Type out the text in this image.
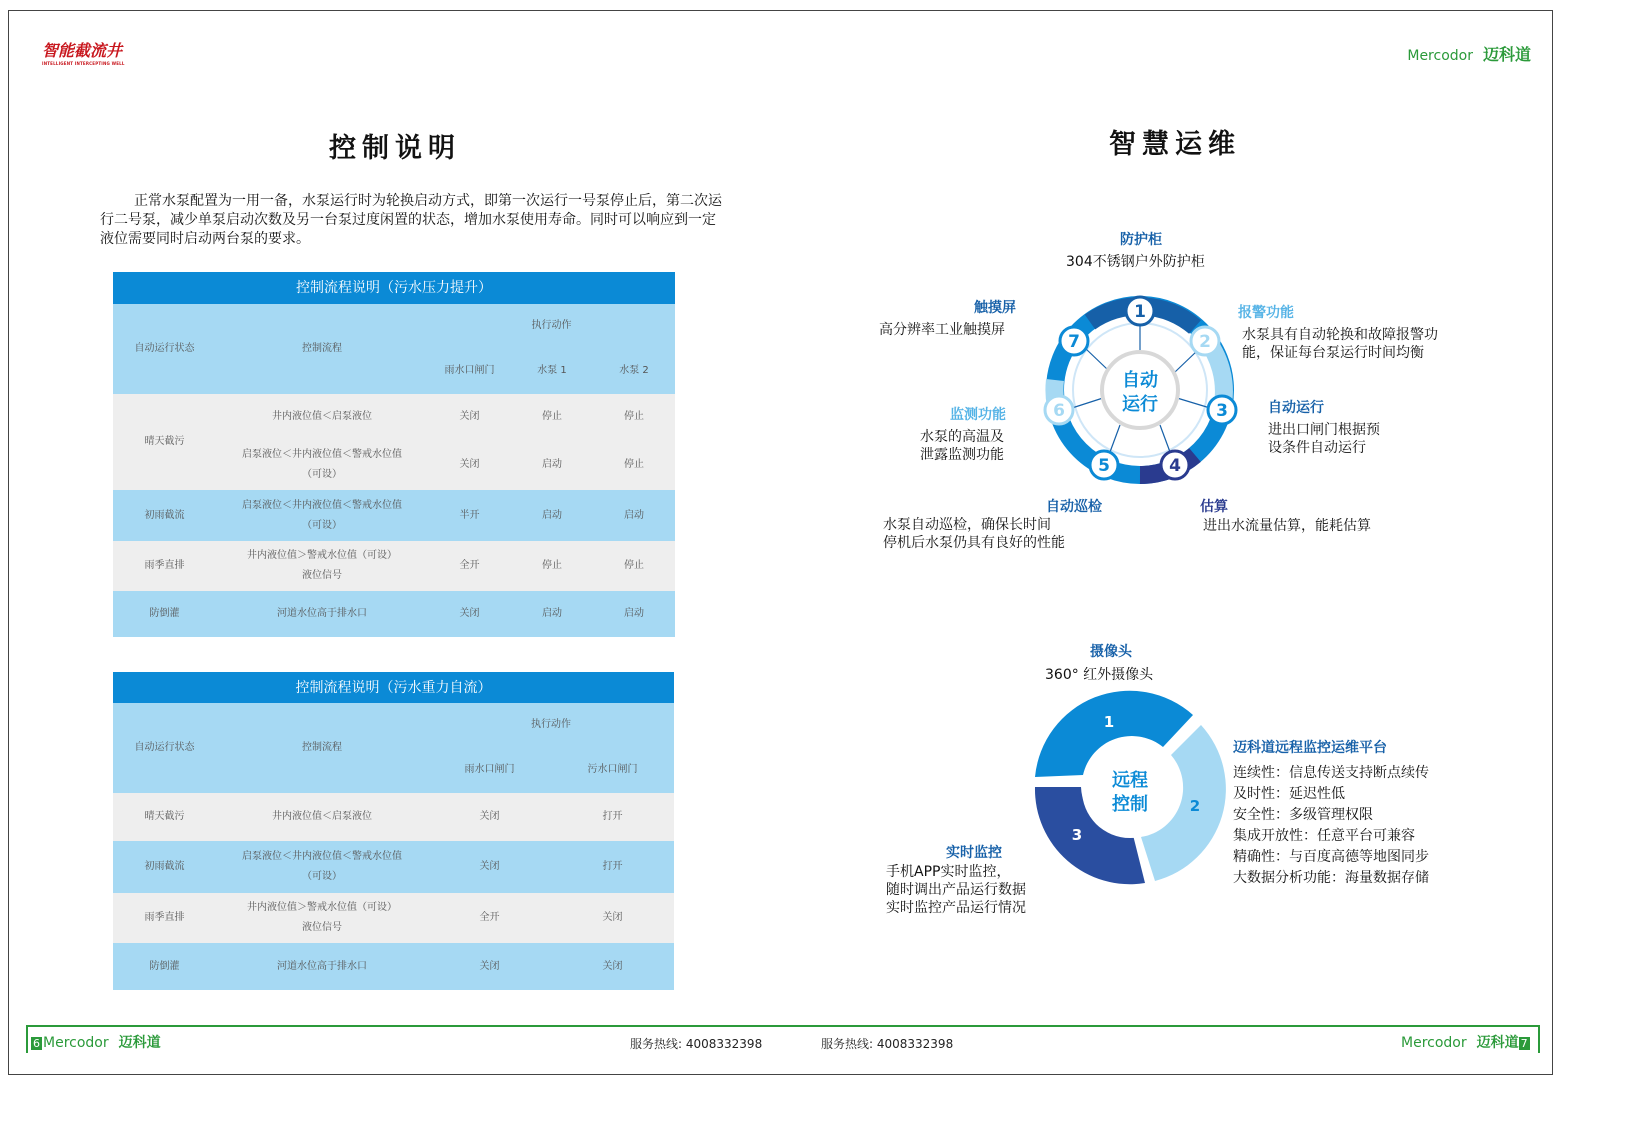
智能截流井
INTELLIGENT INTERCEPTING WELL	Mercodor 迈科道
控制说明
正常水泵配置为一用一备，水泵运行时为轮换启动方式，即第一次运行一号泵停止后，第二次运行二号泵，减少单泵启动次数及另一台泵过度闲置的状态，增加水泵使用寿命。同时可以响应到一定液位需要同时启动两台泵的要求。
控制流程说明（污水压力提升）				
自动运行状态	控制流程	执行动作		
		雨水口闸门	水泵 1	水泵 2
晴天截污	井内液位值＜启泵液位	关闭	停止	停止

	启泵液位＜井内液位值＜警戒水位值
（可设）	关闭	启动	停止
初雨截流	启泵液位＜井内液位值＜警戒水位值
（可设）	半开	启动	启动
雨季直排	井内液位值＞警戒水位值（可设）
液位信号	全开	停止	停止
防倒灌	河道水位高于排水口	关闭	启动	启动
控制流程说明（污水重力自流）			
自动运行状态	控制流程	执行动作	
		雨水口闸门	污水口闸门
晴天截污	井内液位值＜启泵液位	关闭	打开
初雨截流	启泵液位＜井内液位值＜警戒水位值
（可设）	关闭	打开
雨季直排	井内液位值＞警戒水位值（可设）
液位信号	全开	关闭
防倒灌	河道水位高于排水口	关闭	关闭
智慧运维
自动
运行
1
2
3
4
5
6
7
防护柜
304不锈钢户外防护柜
报警功能
水泵具有自动轮换和故障报警功
能，保证每台泵运行时间均衡
自动运行
进出口闸门根据预
设条件自动运行
估算
进出水流量估算，能耗估算
自动巡检
水泵自动巡检，确保长时间
停机后水泵仍具有良好的性能
监测功能
水泵的高温及
泄露监测功能
触摸屏
高分辨率工业触摸屏
摄像头
360° 红外摄像头
远程
控制
1
2
3
迈科道远程监控运维平台
连续性：信息传送支持断点续传
及时性：延迟性低
安全性：多级管理权限
集成开放性：任意平台可兼容
精确性：与百度高德等地图同步
大数据分析功能：海量数据存储
实时监控
手机APP实时监控，
随时调出产品运行数据
实时监控产品运行情况
6 Mercodor 迈科道	服务热线: 4008332398	服务热线: 4008332398	Mercodor 迈科道 7
